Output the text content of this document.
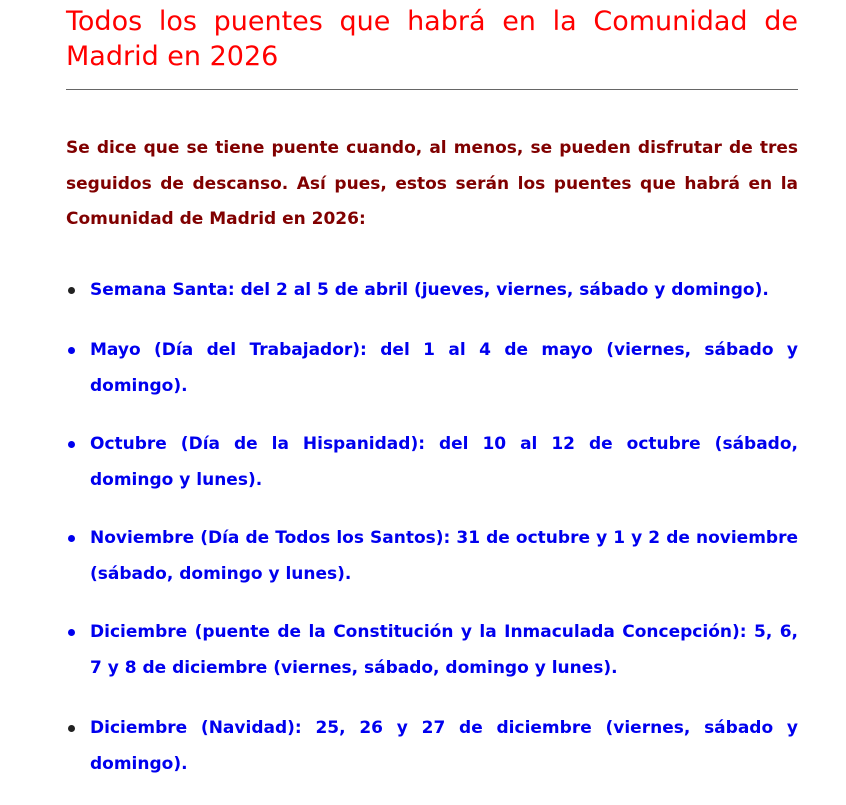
Todos los puentes que habrá en la Comunidad de Madrid en 2026

Se dice que se tiene puente cuando, al menos, se pueden disfrutar de tres seguidos de descanso. Así pues, estos serán los puentes que habrá en la Comunidad de Madrid en 2026:

Semana Santa: del 2 al 5 de abril (jueves, viernes, sábado y domingo).
Mayo (Día del Trabajador): del 1 al 4 de mayo (viernes, sábado y domingo).
Octubre (Día de la Hispanidad): del 10 al 12 de octubre (sábado, domingo y lunes).
Noviembre (Día de Todos los Santos): 31 de octubre y 1 y 2 de noviembre (sábado, domingo y lunes).
Diciembre (puente de la Constitución y la Inmaculada Concepción): 5, 6, 7 y 8 de diciembre (viernes, sábado, domingo y lunes).
Diciembre (Navidad): 25, 26 y 27 de diciembre (viernes, sábado y domingo).
